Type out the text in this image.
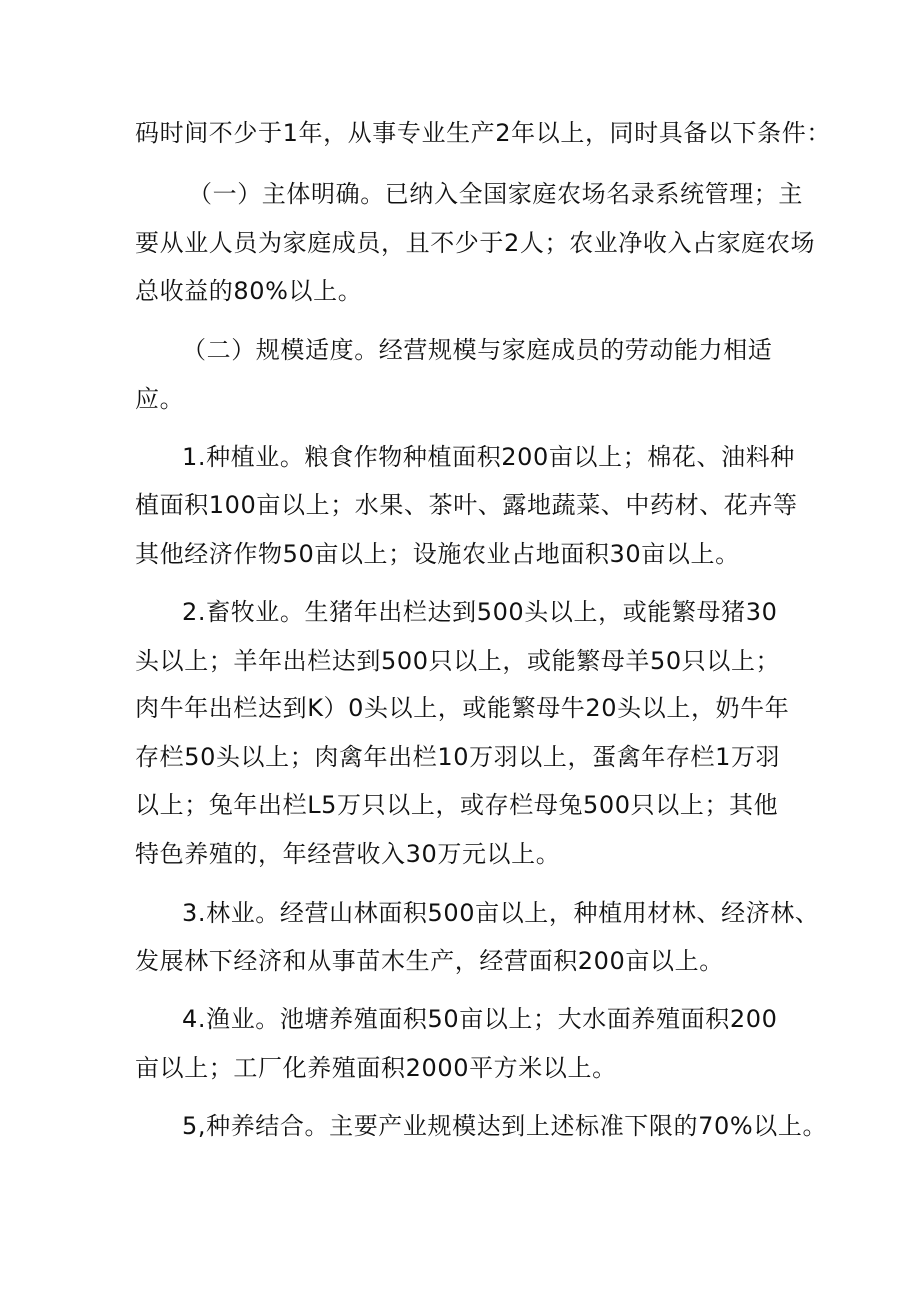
码时间不少于1年，从事专业生产2年以上，同时具备以下条件：
（一）主体明确。已纳入全国家庭农场名录系统管理；主
要从业人员为家庭成员，且不少于2人；农业净收入占家庭农场
总收益的80%以上。
（二）规模适度。经营规模与家庭成员的劳动能力相适
应。
1.种植业。粮食作物种植面积200亩以上；棉花、油料种
植面积100亩以上；水果、茶叶、露地蔬菜、中药材、花卉等
其他经济作物50亩以上；设施农业占地面积30亩以上。
2.畜牧业。生猪年出栏达到500头以上，或能繁母猪30
头以上；羊年出栏达到500只以上，或能繁母羊50只以上；
肉牛年出栏达到K）0头以上，或能繁母牛20头以上，奶牛年
存栏50头以上；肉禽年出栏10万羽以上，蛋禽年存栏1万羽
以上；兔年出栏L5万只以上，或存栏母兔500只以上；其他
特色养殖的，年经营收入30万元以上。
3.林业。经营山林面积500亩以上，种植用材林、经济林、
发展林下经济和从事苗木生产，经营面积200亩以上。
4.渔业。池塘养殖面积50亩以上；大水面养殖面积200
亩以上；工厂化养殖面积2000平方米以上。
5,种养结合。主要产业规模达到上述标准下限的70%以上。
